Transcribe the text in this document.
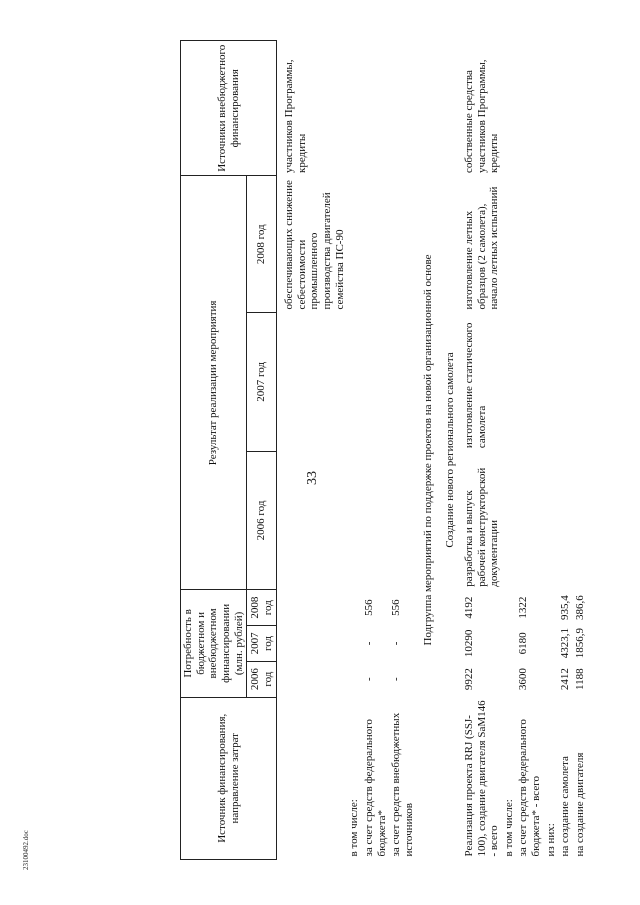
33
23100492.doc
Источник финансирования, направление затрат	Потребность в бюджетном и внебюджетном финансировании (млн. рублей)			Результат реализации мероприятия			Источники внебюджетного финансирования
	2006 год	2007 год	2008 год	2006 год	2007 год	2008 год	
						обеспечивающих снижение себестоимости промышленного производства двигателей семейства ПС-90	участников Программы, кредиты
в том числе:							
за счет средств федерального бюджета*	-	-	556				
за счет средств внебюджетных источников	-	-	556				
Подгруппа мероприятий по поддержке проектов на новой организационной основе							
Создание нового регионального самолета							
Реализация проекта RRJ (SSJ-100), создание двигателя SaM146 - всего	9922	10290	4192	разработка и выпуск рабочей конструкторской документации	изготовление статического самолета	изготовление летных образцов (2 самолета), начало летных испытаний	собственные средства участников Программы, кредиты
в том числе:							
за счет средств федерального бюджета* - всего	3600	6180	1322				
из них:							
на создание самолета	2412	4323,1	935,4				
на создание двигателя	1188	1856,9	386,6				
